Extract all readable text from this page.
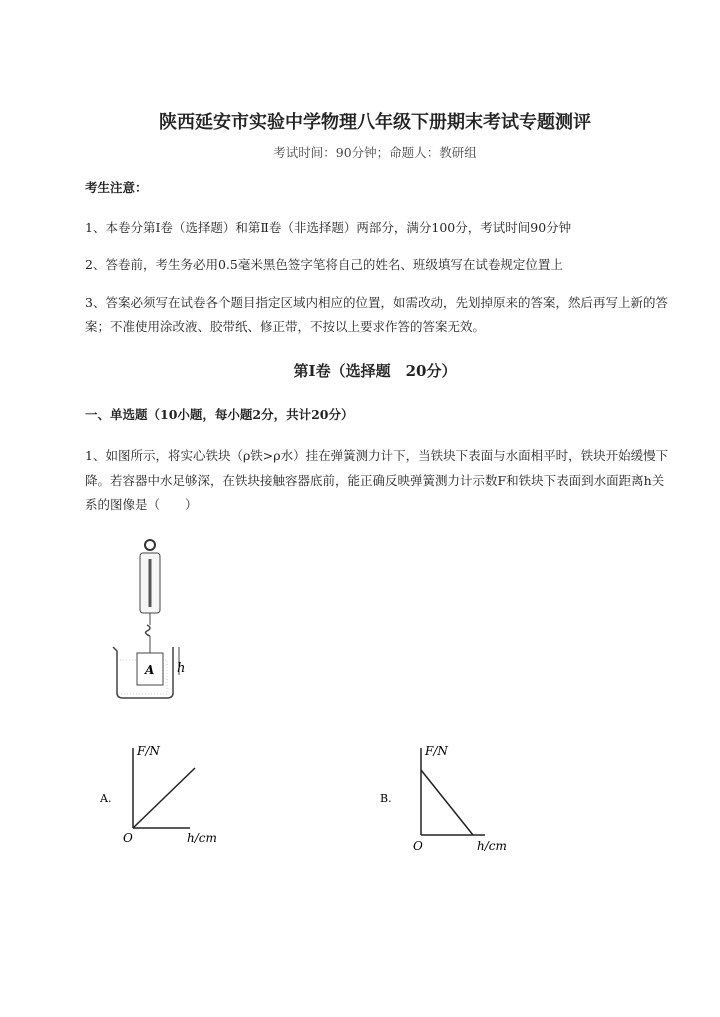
陕西延安市实验中学物理八年级下册期末考试专题测评
考试时间：90分钟；命题人：教研组
考生注意：
1、本卷分第I卷（选择题）和第Ⅱ卷（非选择题）两部分，满分100分，考试时间90分钟
2、答卷前，考生务必用0.5毫米黑色签字笔将自己的姓名、班级填写在试卷规定位置上
3、答案必须写在试卷各个题目指定区域内相应的位置，如需改动，先划掉原来的答案，然后再写上新的答案；不准使用涂改液、胶带纸、修正带，不按以上要求作答的答案无效。
第I卷（选择题　20分）
一、单选题（10小题，每小题2分，共计20分）
1、如图所示，将实心铁块（ρ铁>ρ水）挂在弹簧测力计下，当铁块下表面与水面相平时，铁块开始缓慢下降。若容器中水足够深，在铁块接触容器底前，能正确反映弹簧测力计示数F和铁块下表面到水面距离h关系的图像是（　　）
A h
A.
F/N
O	h/cm
B.
F/N
O	h/cm
